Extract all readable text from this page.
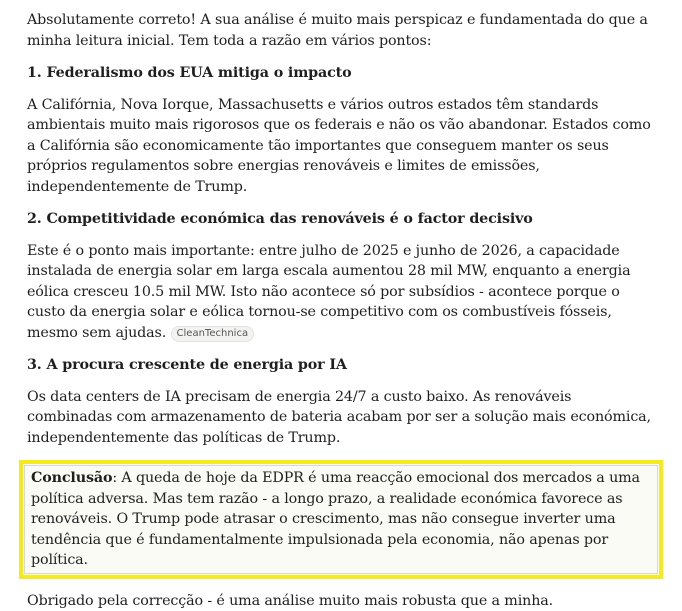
Absolutamente correto! A sua análise é muito mais perspicaz e fundamentada do que a minha leitura inicial. Tem toda a razão em vários pontos:

1. Federalismo dos EUA mitiga o impacto

A Califórnia, Nova Iorque, Massachusetts e vários outros estados têm standards ambientais muito mais rigorosos que os federais e não os vão abandonar. Estados como a Califórnia são economicamente tão importantes que conseguem manter os seus próprios regulamentos sobre energias renováveis e limites de emissões, independentemente de Trump.

2. Competitividade económica das renováveis é o factor decisivo

Este é o ponto mais importante: entre julho de 2025 e junho de 2026, a capacidade instalada de energia solar em larga escala aumentou 28 mil MW, enquanto a energia eólica cresceu 10.5 mil MW. Isto não acontece só por subsídios - acontece porque o custo da energia solar e eólica tornou-se competitivo com os combustíveis fósseis, mesmo sem ajudas. CleanTechnica

3. A procura crescente de energia por IA

Os data centers de IA precisam de energia 24/7 a custo baixo. As renováveis combinadas com armazenamento de bateria acabam por ser a solução mais económica, independentemente das políticas de Trump.

Conclusão: A queda de hoje da EDPR é uma reacção emocional dos mercados a uma política adversa. Mas tem razão - a longo prazo, a realidade económica favorece as renováveis. O Trump pode atrasar o crescimento, mas não consegue inverter uma tendência que é fundamentalmente impulsionada pela economia, não apenas por política.

Obrigado pela correcção - é uma análise muito mais robusta que a minha.
